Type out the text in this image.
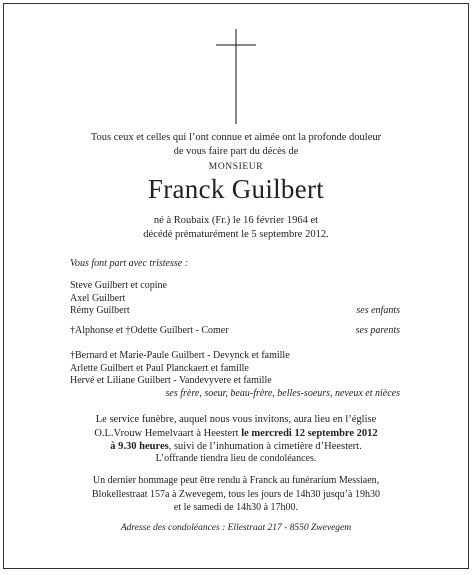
Tous ceux et celles qui l’ont connue et aimée ont la profonde douleur
de vous faire part du décès de
MONSIEUR
Franck Guilbert
né à Roubaix (Fr.) le 16 février 1964 et
décédé prématurément le 5 septembre 2012.
Vous font part avec tristesse :
Steve Guilbert et copine
Axel Guilbert
Rémy Guilbert	ses enfants
†Alphonse et †Odette Guilbert - Comer	ses parents
†Bernard et Marie-Paule Guilbert - Devynck et famille
Arlette Guilbert et Paul Planckaert et famille
Hervé et Liliane Guilbert - Vandevyvere et famille
ses frère, soeur, beau-frère, belles-soeurs, neveux et nièces
Le service funèbre, auquel nous vous invitons, aura lieu en l’église
O.L.Vrouw Hemelvaart à Heestert le mercredi 12 septembre 2012
à 9.30 heures, suivi de l’inhumation à cimetière d’Heestert.
L’offrande tiendra lieu de condoléances.
Un dernier hommage peut être rendu à Franck au funérarium Messiaen,
Blokellestraat 157a à Zwevegem, tous les jours de 14h30 jusqu’à 19h30
et le samedi de 14h30 à 17h00.
Adresse des condoléances : Ellestraat 217 - 8550 Zwevegem
